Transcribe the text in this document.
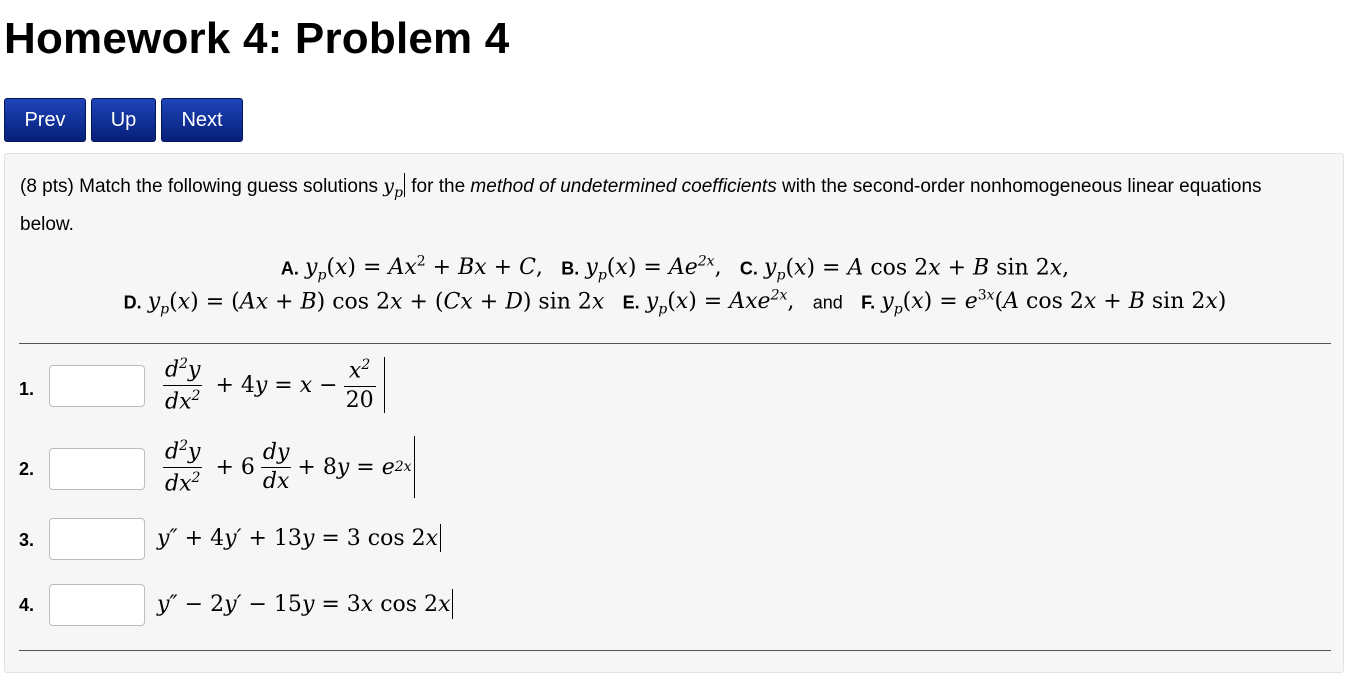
Homework 4: Problem 4
Prev	Up	Next

(8 pts) Match the following guess solutions $y_p$ for the method of undetermined coefficients with the second-order nonhomogeneous linear equations below.

A. $y_p(x) = Ax^2 + Bx + C$, B. $y_p(x) = Ae^{2x}$, C. $y_p(x) = A$ cos 2x + B sin 2x,
D. $y_p(x) = (Ax + B)$ cos 2x + (Cx + D) sin 2x E. $y_p(x) = Axe^{2x}$, and F. $y_p(x) = e^{3x}(A$ cos 2x + B sin 2x)
1.	$\frac{d^2y}{dx^2} + 4$ $y = x - \frac{x^2}{20}$
2.	$\frac{d^2y}{dx^2} + 6 \frac{dy}{dx} + 8$ y = e 2x
3.	y″ + 4 y′ + 13 y = 3 cos 2 x
4.	y″ − 2 y′ − 15 y = 3 x cos 2 x
